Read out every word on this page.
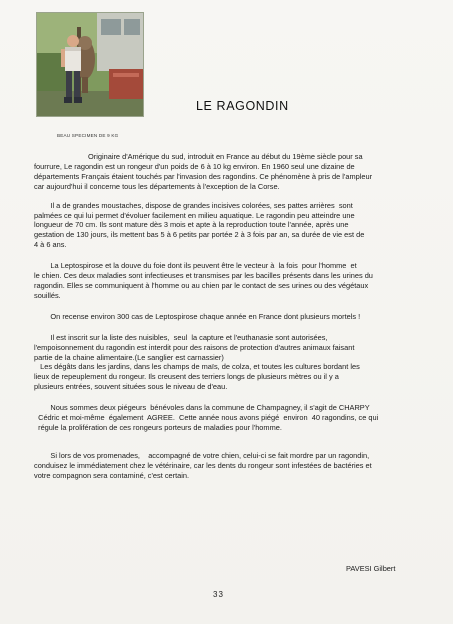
BEAU SPECIMEN DE 9 KG
LE RAGONDIN
Originaire d'Amérique du sud, introduit en France au début du 19ème siècle pour sa
fourrure, Le ragondin est un rongeur d'un poids de 6 à 10 kg environ. En 1960 seul une dizaine de
départements Français étaient touchés par l'invasion des ragondins. Ce phénomène à pris de l'ampleur
car aujourd'hui il concerne tous les départements à l'exception de la Corse.
Il a de grandes moustaches, dispose de grandes incisives colorées, ses pattes arrières  sont
palmées ce qui lui permet d'évoluer facilement en milieu aquatique. Le ragondin peu atteindre une
longueur de 70 cm. Ils sont mature dès 3 mois et apte à la reproduction toute l'année, après une
gestation de 130 jours, ils mettent bas 5 à 6 petits par portée 2 à 3 fois par an, sa durée de vie est de
4 à 6 ans.
La Leptospirose et la douve du foie dont ils peuvent être le vecteur à  la fois  pour l'homme  et
le chien. Ces deux maladies sont infectieuses et transmises par les bacilles présents dans les urines du
ragondin. Elles se communiquent à l'homme ou au chien par le contact de ses urines ou des végétaux
souillés.
On recense environ 300 cas de Leptospirose chaque année en France dont plusieurs mortels !
Il est inscrit sur la liste des nuisibles,  seul  la capture et l'euthanasie sont autorisées,
l'empoisonnement du ragondin est interdit pour des raisons de protection d'autres animaux faisant
partie de la chaine alimentaire.(Le sanglier est carnassier)
Les dégâts dans les jardins, dans les champs de maïs, de colza, et toutes les cultures bordant les
lieux de repeuplement du rongeur. Ils creusent des terriers longs de plusieurs mètres ou il y a
plusieurs entrées, souvent situées sous le niveau de d'eau.
Nous sommes deux piégeurs  bénévoles dans la commune de Champagney, il s'agit de CHARPY
Cédric et moi-même  également  AGREE.  Cette année nous avons piégé  environ  40 ragondins, ce qui
régule la prolifération de ces rongeurs porteurs de maladies pour l'homme.
Si lors de vos promenades,    accompagné de votre chien, celui-ci se fait mordre par un ragondin,
conduisez le immédiatement chez le vétérinaire, car les dents du rongeur sont infestées de bactéries et
votre compagnon sera contaminé, c'est certain.
PAVESI Gilbert
33
